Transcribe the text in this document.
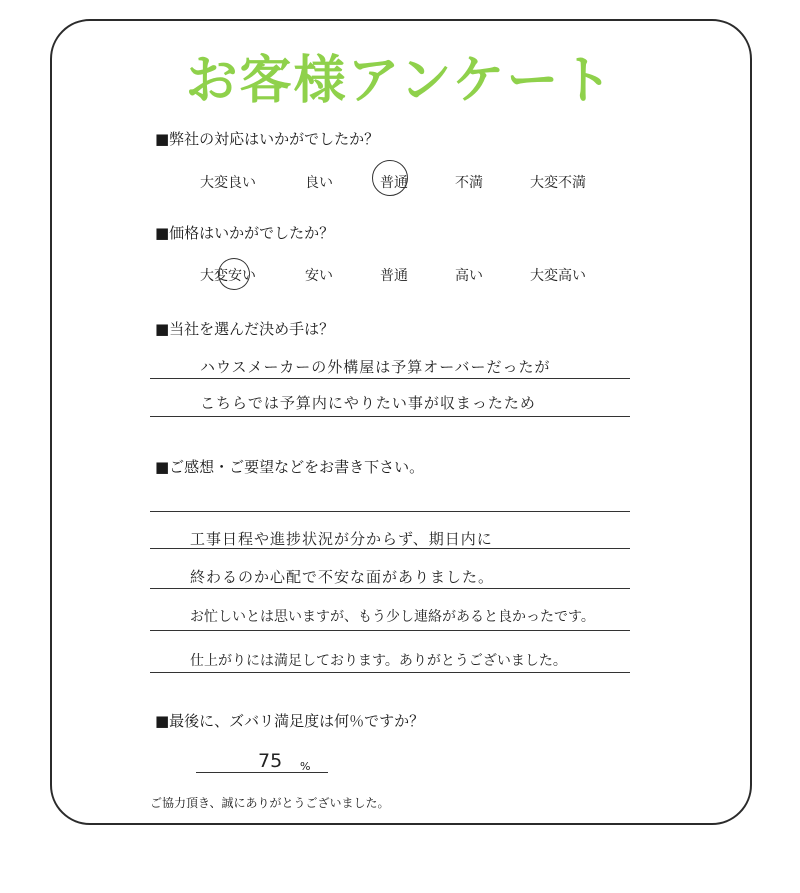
お客様アンケート
■弊社の対応はいかがでしたか？
大変良い	良い	普通	不満	大変不満
■価格はいかがでしたか？
大変安い	安い	普通	高い	大変高い
■当社を選んだ決め手は？
ハウスメーカーの外構屋は予算オーバーだったが
こちらでは予算内にやりたい事が収まったため
■ご感想・ご要望などをお書き下さい。
工事日程や進捗状況が分からず、期日内に
終わるのか心配で不安な面がありました。
お忙しいとは思いますが、もう少し連絡があると良かったです。
仕上がりには満足しております。ありがとうございました。
■最後に、ズバリ満足度は何％ですか？
75 %
ご協力頂き、誠にありがとうございました。
